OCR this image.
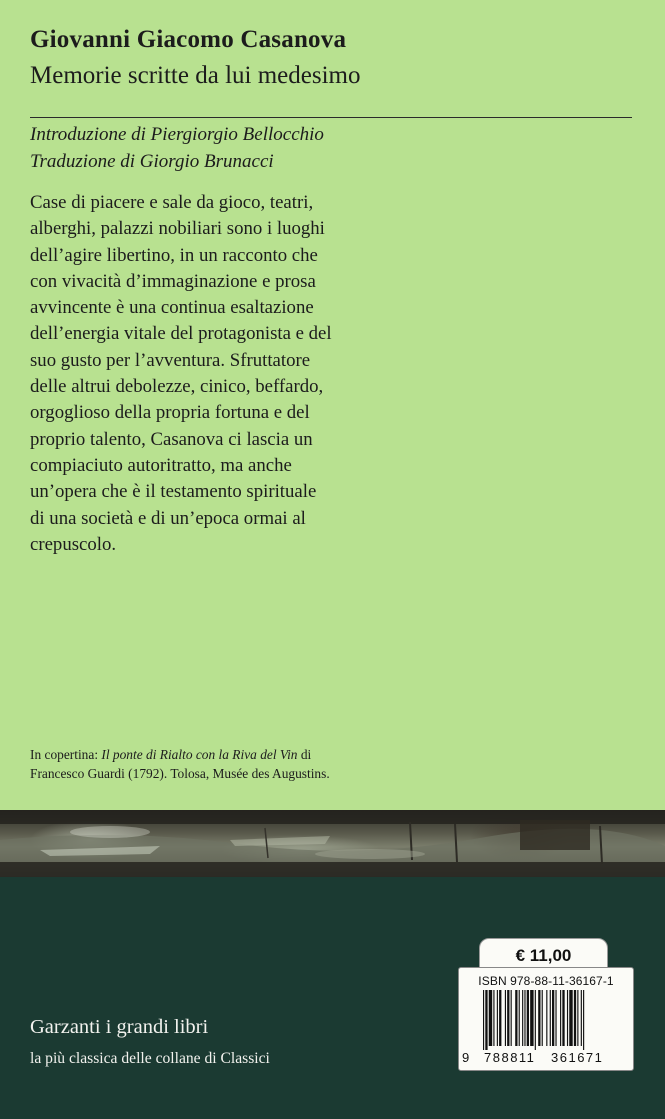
Giovanni Giacomo Casanova
Memorie scritte da lui medesimo
Introduzione di Piergiorgio Bellocchio
Traduzione di Giorgio Brunacci
Case di piacere e sale da gioco, teatri,
alberghi, palazzi nobiliari sono i luoghi
dell’agire libertino, in un racconto che
con vivacità d’immaginazione e prosa
avvincente è una continua esaltazione
dell’energia vitale del protagonista e del
suo gusto per l’avventura. Sfruttatore
delle altrui debolezze, cinico, beffardo,
orgoglioso della propria fortuna e del
proprio talento, Casanova ci lascia un
compiaciuto autoritratto, ma anche
un’opera che è il testamento spirituale
di una società e di un’epoca ormai al
crepuscolo.
In copertina: Il ponte di Rialto con la Riva del Vin di
Francesco Guardi (1792). Tolosa, Musée des Augustins.
Garzanti i grandi libri
la più classica delle collane di Classici
€ 11,00
ISBN 978-88-11-36167-1
9 788811 361671
